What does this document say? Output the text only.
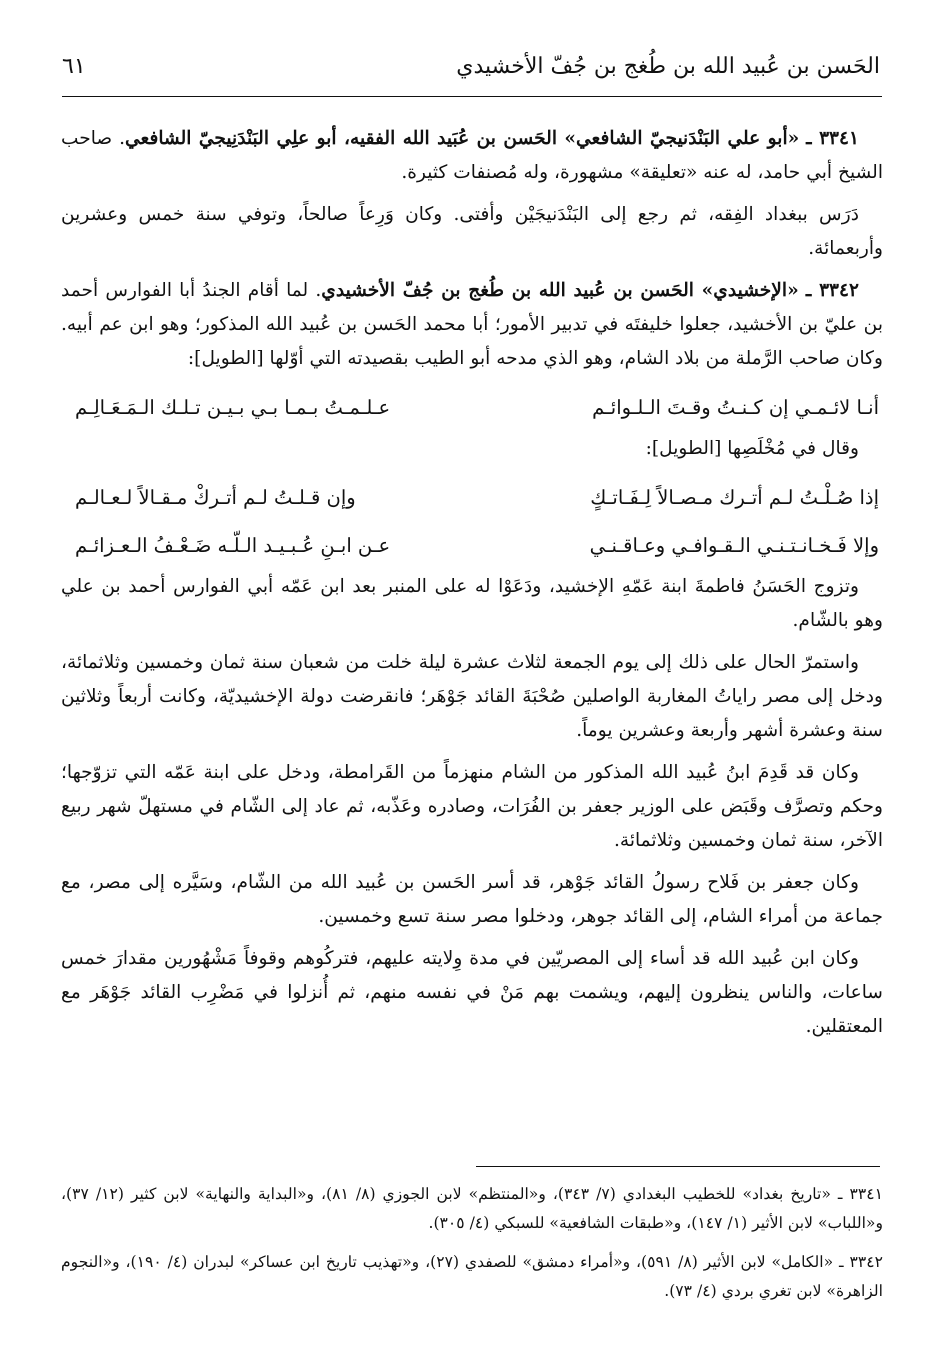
الحَسن بن عُبيد الله بن طُغج بن جُفّ الأخشيدي
٦١

٣٣٤١ ـ «أبو علي البَنْدَنيجيّ الشافعي» الحَسن بن عُبَيد الله الفقيه، أبو علِي البَنْدَنِيجيّ الشافعي. صاحب الشيخ أبي حامد، له عنه «تعليقة» مشهورة، وله مُصنفات كثيرة.

دَرَس ببغداد الفِقه، ثم رجع إلى البَنْدَنيجَيْن وأفتى. وكان وَرِعاً صالحاً، وتوفي سنة خمس وعشرين وأربعمائة.

٣٣٤٢ ـ «الإخشيدي» الحَسن بن عُبيد الله بن طُغج بن جُفّ الأخشيدي. لما أقام الجندُ أبا الفوارس أحمد بن عليّ بن الأخشيد، جعلوا خليفتَه في تدبير الأمور؛ أبا محمد الحَسن بن عُبيد الله المذكور؛ وهو ابن عم أبيه. وكان صاحب الرَّملة من بلاد الشام، وهو الذي مدحه أبو الطيب بقصيدته التي أوّلها [الطويل]:

أنـا لائـمـي إن كـنـتُ وقـتَ الـلـوائـم
عـلـمـتُ بـمـا بـي بـيـن تـلـك الـمَـعَـالِـم

وقال في مُخْلَصِها [الطويل]:

إذا صُـلْـتُ لـم أتـرك مـصـالاً لِـفَـاتـكٍ
وإن قـلـتُ لـم أتـركْ مـقـالاً لـعـالـم
وإلا فَـخـانـتـنـي الـقـوافـي وعـاقـنـي
عـن ابـنِ عُـبـيـد الـلّـه ضَـعْـفُ الـعـزائـم

وتزوج الحَسَنُ فاطمةَ ابنة عَمّهِ الإخشيد، ودَعَوْا له على المنبر بعد ابن عَمّه أبي الفوارس أحمد بن علي وهو بالشّام.

واستمرّ الحال على ذلك إلى يوم الجمعة لثلاث عشرة ليلة خلت من شعبان سنة ثمان وخمسين وثلاثمائة، ودخل إلى مصر راياتُ المغاربة الواصلين صُحْبَةَ القائد جَوْهَر؛ فانقرضت دولة الإخشيديّة، وكانت أربعاً وثلاثين سنة وعشرة أشهر وأربعة وعشرين يوماً.

وكان قد قَدِمَ ابنُ عُبيد الله المذكور من الشام منهزماً من القَرامطة، ودخل على ابنة عَمّه التي تزوّجها؛ وحكم وتصرَّف وقَبَض على الوزير جعفر بن الفُرَات، وصادره وعَذّبه، ثم عاد إلى الشّام في مستهلّ شهر ربيع الآخر، سنة ثمان وخمسين وثلاثمائة.

وكان جعفر بن فَلاح رسولُ القائد جَوْهر، قد أسر الحَسن بن عُبيد الله من الشّام، وسَيَّره إلى مصر، مع جماعة من أمراء الشام، إلى القائد جوهر، ودخلوا مصر سنة تسع وخمسين.

وكان ابن عُبيد الله قد أساء إلى المصريّين في مدة وِلايته عليهم، فتركُوهم وقوفاً مَشْهُورين مقدارَ خمس ساعات، والناس ينظرون إليهم، ويشمت بهم مَنْ في نفسه منهم، ثم أُنزلوا في مَضْرِب القائد جَوْهَر مع المعتقلين.

٣٣٤١ ـ «تاريخ بغداد» للخطيب البغدادي (٧/ ٣٤٣)، و«المنتظم» لابن الجوزي (٨/ ٨١)، و«البداية والنهاية» لابن كثير (١٢/ ٣٧)، و«اللباب» لابن الأثير (١/ ١٤٧)، و«طبقات الشافعية» للسبكي (٤/ ٣٠٥).

٣٣٤٢ ـ «الكامل» لابن الأثير (٨/ ٥٩١)، و«أمراء دمشق» للصفدي (٢٧)، و«تهذيب تاريخ ابن عساكر» لبدران (٤/ ١٩٠)، و«النجوم الزاهرة» لابن تغري بردي (٤/ ٧٣).
